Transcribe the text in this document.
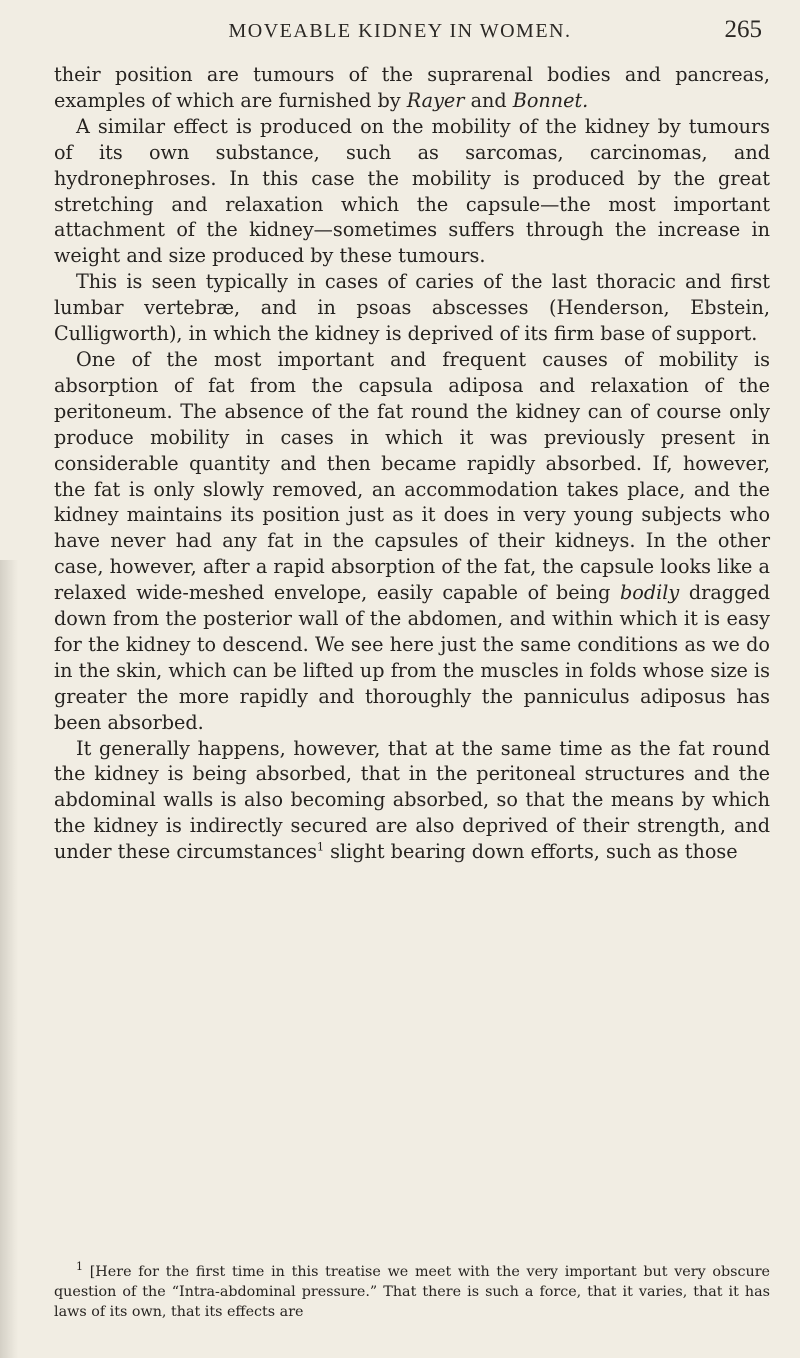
MOVEABLE KIDNEY IN WOMEN.	265

their position are tumours of the suprarenal bodies and pancreas, examples of which are furnished by Rayer and Bonnet.

A similar effect is produced on the mobility of the kidney by tumours of its own substance, such as sarcomas, carcinomas, and hydronephroses. In this case the mobility is produced by the great stretching and relaxation which the capsule—the most important attachment of the kidney—sometimes suffers through the increase in weight and size produced by these tumours.

This is seen typically in cases of caries of the last thoracic and first lumbar vertebræ, and in psoas abscesses (Henderson, Ebstein, Culligworth), in which the kidney is deprived of its firm base of support.

One of the most important and frequent causes of mobility is absorption of fat from the capsula adiposa and relaxation of the peritoneum. The absence of the fat round the kidney can of course only produce mobility in cases in which it was previously present in considerable quantity and then became rapidly absorbed. If, however, the fat is only slowly removed, an accommodation takes place, and the kidney maintains its position just as it does in very young subjects who have never had any fat in the capsules of their kidneys. In the other case, however, after a rapid absorption of the fat, the capsule looks like a relaxed wide-meshed envelope, easily capable of being bodily dragged down from the posterior wall of the abdomen, and within which it is easy for the kidney to descend. We see here just the same conditions as we do in the skin, which can be lifted up from the muscles in folds whose size is greater the more rapidly and thoroughly the panniculus adiposus has been absorbed.

It generally happens, however, that at the same time as the fat round the kidney is being absorbed, that in the peritoneal structures and the abdominal walls is also becoming absorbed, so that the means by which the kidney is indirectly secured are also deprived of their strength, and under these circumstances$^1$ slight bearing down efforts, such as those

$^1$ [Here for the first time in this treatise we meet with the very important but very obscure question of the “Intra-abdominal pressure.” That there is such a force, that it varies, that it has laws of its own, that its effects are
